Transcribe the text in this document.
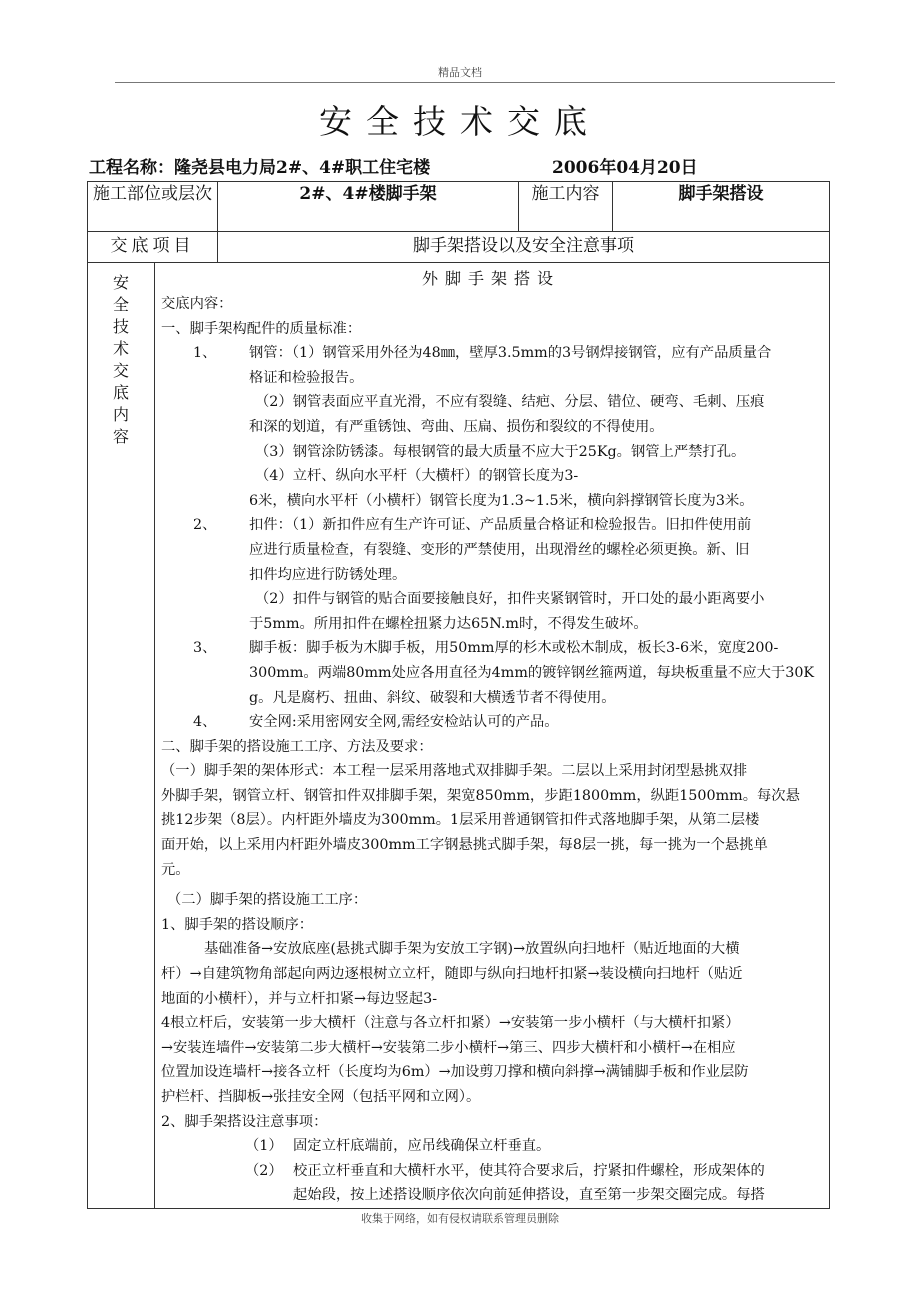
精品文档
安全技术交底
工程名称：隆尧县电力局2#、4#职工住宅楼	2006年04月20日
施工部位或层次	2#、4#楼脚手架	施工内容	脚手架搭设
交底项目	脚手架搭设以及安全注意事项
安
全
技
术
交
底
内
容

外脚手架搭设

交底内容：

一、脚手架构配件的质量标准：

1、 钢管：（1）钢管采用外径为48㎜，壁厚3.5mm的3号钢焊接钢管，应有产品质量合

格证和检验报告。

（2）钢管表面应平直光滑，不应有裂缝、结疤、分层、错位、硬弯、毛刺、压痕

和深的划道，有严重锈蚀、弯曲、压扁、损伤和裂纹的不得使用。

（3）钢管涂防锈漆。每根钢管的最大质量不应大于25Kg。钢管上严禁打孔。

（4）立杆、纵向水平杆（大横杆）的钢管长度为3-

6米，横向水平杆（小横杆）钢管长度为1.3~1.5米，横向斜撑钢管长度为3米。

2、 扣件：（1）新扣件应有生产许可证、产品质量合格证和检验报告。旧扣件使用前

应进行质量检查，有裂缝、变形的严禁使用，出现滑丝的螺栓必须更换。新、旧

扣件均应进行防锈处理。

（2）扣件与钢管的贴合面要接触良好，扣件夹紧钢管时，开口处的最小距离要小

于5mm。所用扣件在螺栓扭紧力达65N.m时，不得发生破坏。

3、 脚手板：脚手板为木脚手板，用50mm厚的杉木或松木制成，板长3-6米，宽度200-

300mm。两端80mm处应各用直径为4mm的镀锌钢丝箍两道，每块板重量不应大于30K

g。凡是腐朽、扭曲、斜纹、破裂和大横透节者不得使用。

4、 安全网:采用密网安全网,需经安检站认可的产品。

二、脚手架的搭设施工工序、方法及要求：

（一）脚手架的架体形式：本工程一层采用落地式双排脚手架。二层以上采用封闭型悬挑双排

外脚手架，钢管立杆、钢管扣件双排脚手架，架宽850mm，步距1800mm，纵距1500mm。每次悬

挑12步架（8层）。内杆距外墙皮为300mm。1层采用普通钢管扣件式落地脚手架，从第二层楼

面开始，以上采用内杆距外墙皮300mm工字钢悬挑式脚手架，每8层一挑，每一挑为一个悬挑单

元。

（二）脚手架的搭设施工工序：

1、脚手架的搭设顺序：

基础准备→安放底座(悬挑式脚手架为安放工字钢)→放置纵向扫地杆（贴近地面的大横

杆）→自建筑物角部起向两边逐根树立立杆，随即与纵向扫地杆扣紧→装设横向扫地杆（贴近

地面的小横杆），并与立杆扣紧→每边竖起3-

4根立杆后，安装第一步大横杆（注意与各立杆扣紧）→安装第一步小横杆（与大横杆扣紧）

→安装连墙件→安装第二步大横杆→安装第二步小横杆→第三、四步大横杆和小横杆→在相应

位置加设连墙杆→接各立杆（长度均为6m）→加设剪刀撑和横向斜撑→满铺脚手板和作业层防

护栏杆、挡脚板→张挂安全网（包括平网和立网）。

2、脚手架搭设注意事项：

（1） 固定立杆底端前，应吊线确保立杆垂直。

（2） 校正立杆垂直和大横杆水平，使其符合要求后，拧紧扣件螺栓，形成架体的

起始段，按上述搭设顺序依次向前延伸搭设，直至第一步架交圈完成。每搭

收集于网络，如有侵权请联系管理员删除
